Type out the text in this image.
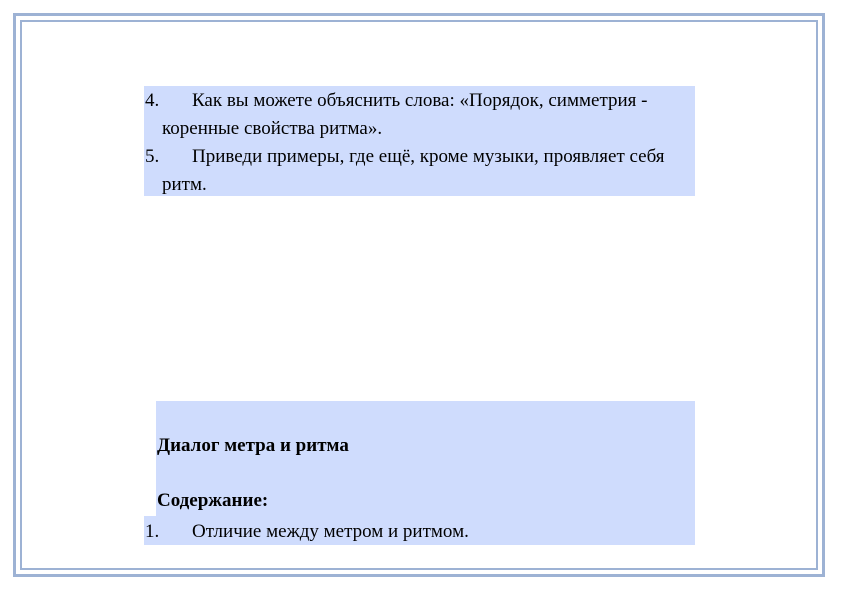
4.	Как вы можете объяснить слова: «Порядок, симметрия - коренные свойства ритма».
5.	Приведи примеры, где ещё, кроме музыки, проявляет себя ритм.
Диалог метра и ритма
Содержание:
1. Отличие между метром и ритмом.
